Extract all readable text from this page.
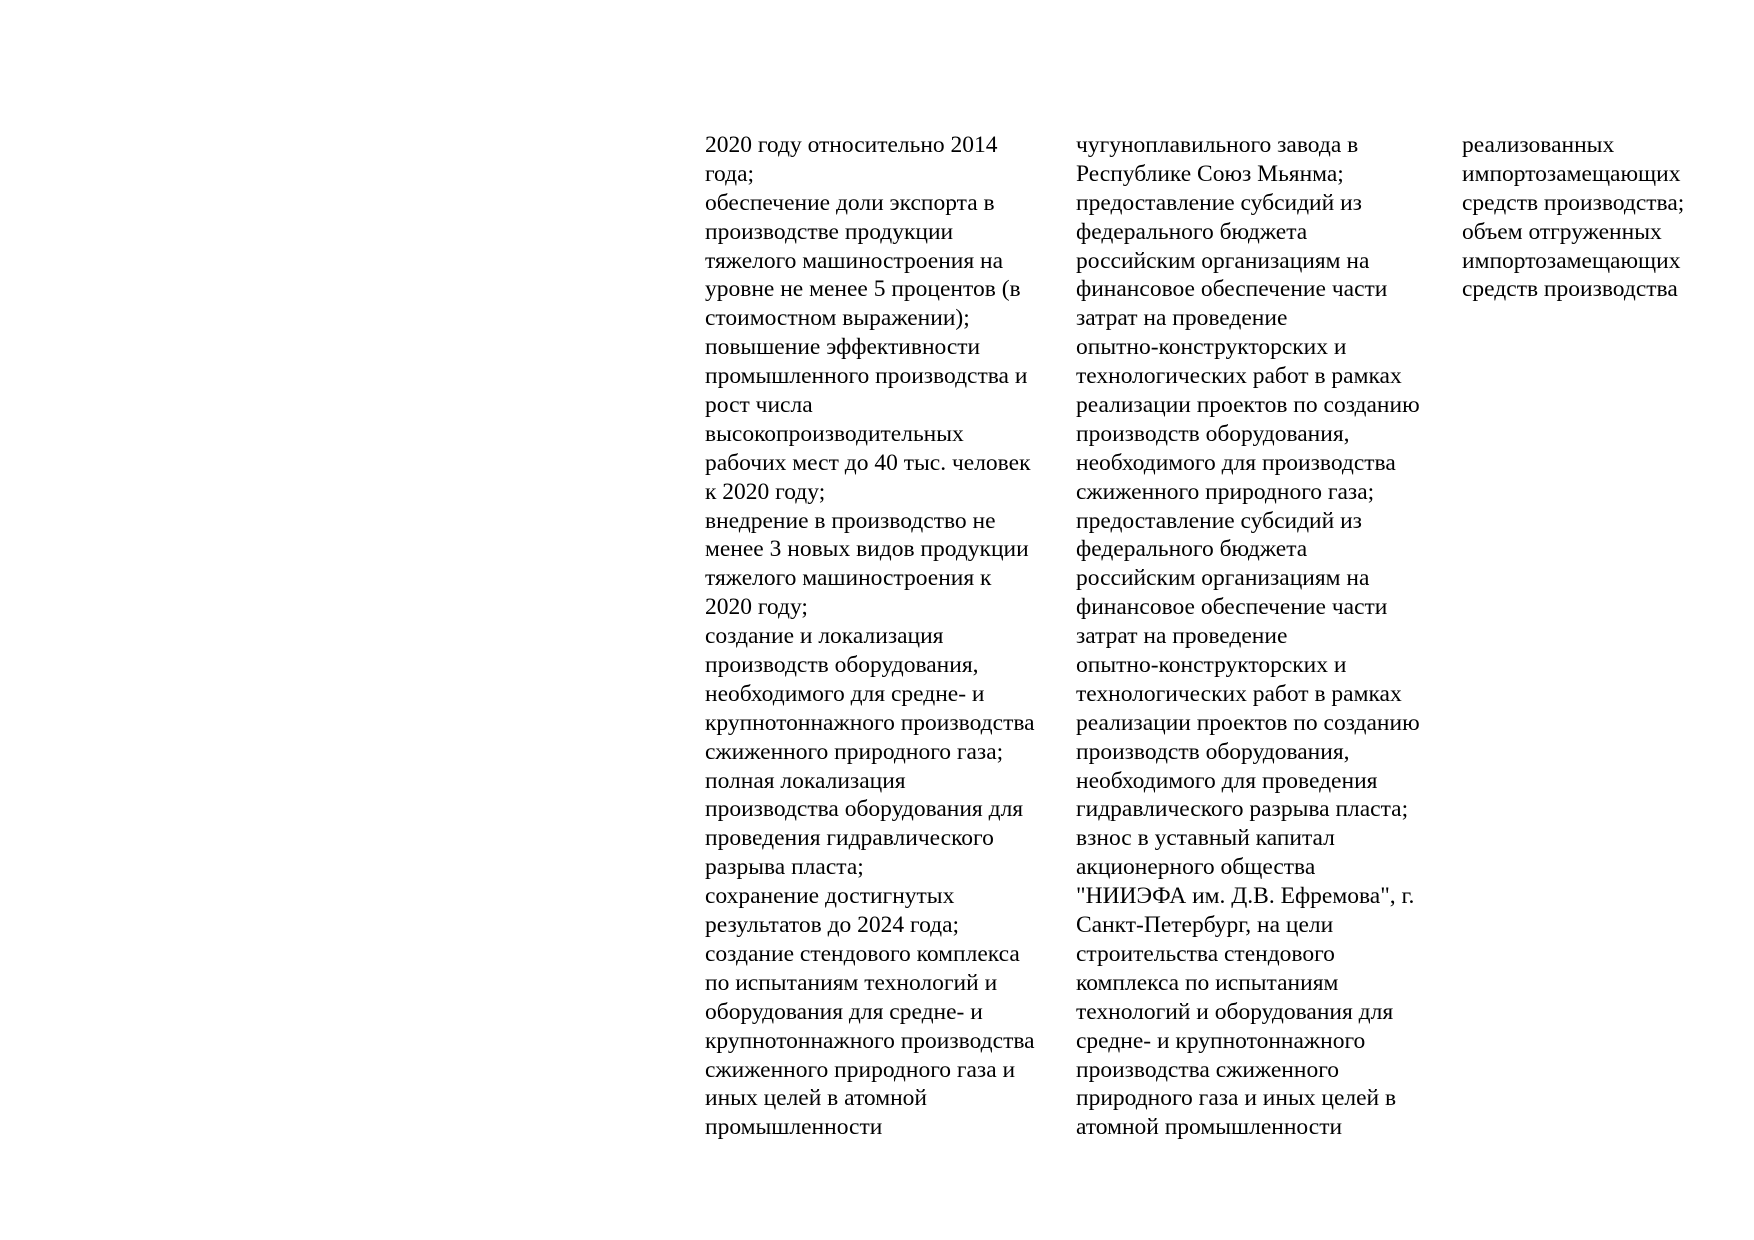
2020 году относительно 2014
года;
обеспечение доли экспорта в
производстве продукции
тяжелого машиностроения на
уровне не менее 5 процентов (в
стоимостном выражении);
повышение эффективности
промышленного производства и
рост числа
высокопроизводительных
рабочих мест до 40 тыс. человек
к 2020 году;
внедрение в производство не
менее 3 новых видов продукции
тяжелого машиностроения к
2020 году;
создание и локализация
производств оборудования,
необходимого для средне- и
крупнотоннажного производства
сжиженного природного газа;
полная локализация
производства оборудования для
проведения гидравлического
разрыва пласта;
сохранение достигнутых
результатов до 2024 года;
создание стендового комплекса
по испытаниям технологий и
оборудования для средне- и
крупнотоннажного производства
сжиженного природного газа и
иных целей в атомной
промышленности
чугуноплавильного завода в
Республике Союз Мьянма;
предоставление субсидий из
федерального бюджета
российским организациям на
финансовое обеспечение части
затрат на проведение
опытно-конструкторских и
технологических работ в рамках
реализации проектов по созданию
производств оборудования,
необходимого для производства
сжиженного природного газа;
предоставление субсидий из
федерального бюджета
российским организациям на
финансовое обеспечение части
затрат на проведение
опытно-конструкторских и
технологических работ в рамках
реализации проектов по созданию
производств оборудования,
необходимого для проведения
гидравлического разрыва пласта;
взнос в уставный капитал
акционерного общества
"НИИЭФА им. Д.В. Ефремова", г.
Санкт-Петербург, на цели
строительства стендового
комплекса по испытаниям
технологий и оборудования для
средне- и крупнотоннажного
производства сжиженного
природного газа и иных целей в
атомной промышленности
реализованных
импортозамещающих
средств производства;
объем отгруженных
импортозамещающих
средств производства
